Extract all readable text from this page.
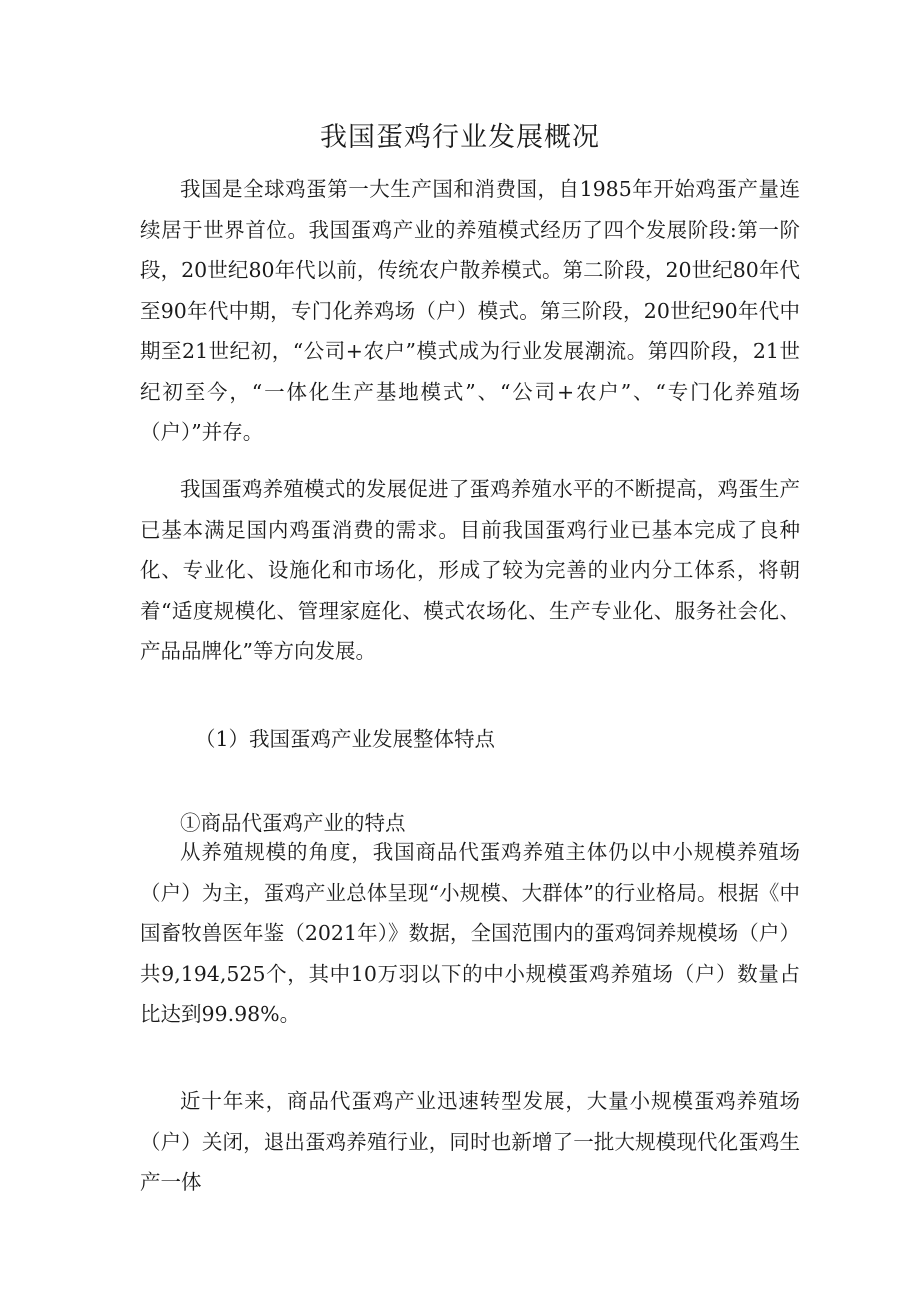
我国蛋鸡行业发展概况

我国是全球鸡蛋第一大生产国和消费国，自1985年开始鸡蛋产量连续居于世界首位。我国蛋鸡产业的养殖模式经历了四个发展阶段:第一阶段，20世纪80年代以前，传统农户散养模式。第二阶段，20世纪80年代至90年代中期，专门化养鸡场（户）模式。第三阶段，20世纪90年代中期至21世纪初，“公司+农户”模式成为行业发展潮流。第四阶段，21世纪初至今，“一体化生产基地模式”、“公司+农户”、“专门化养殖场（户）”并存。

我国蛋鸡养殖模式的发展促进了蛋鸡养殖水平的不断提高，鸡蛋生产已基本满足国内鸡蛋消费的需求。目前我国蛋鸡行业已基本完成了良种化、专业化、设施化和市场化，形成了较为完善的业内分工体系，将朝着“适度规模化、管理家庭化、模式农场化、生产专业化、服务社会化、产品品牌化”等方向发展。

（1）我国蛋鸡产业发展整体特点

①商品代蛋鸡产业的特点

从养殖规模的角度，我国商品代蛋鸡养殖主体仍以中小规模养殖场（户）为主，蛋鸡产业总体呈现“小规模、大群体”的行业格局。根据《中国畜牧兽医年鉴（2021年）》数据，全国范围内的蛋鸡饲养规模场（户）共9,194,525个，其中10万羽以下的中小规模蛋鸡养殖场（户）数量占比达到99.98%。

近十年来，商品代蛋鸡产业迅速转型发展，大量小规模蛋鸡养殖场（户）关闭，退出蛋鸡养殖行业，同时也新增了一批大规模现代化蛋鸡生产一体
